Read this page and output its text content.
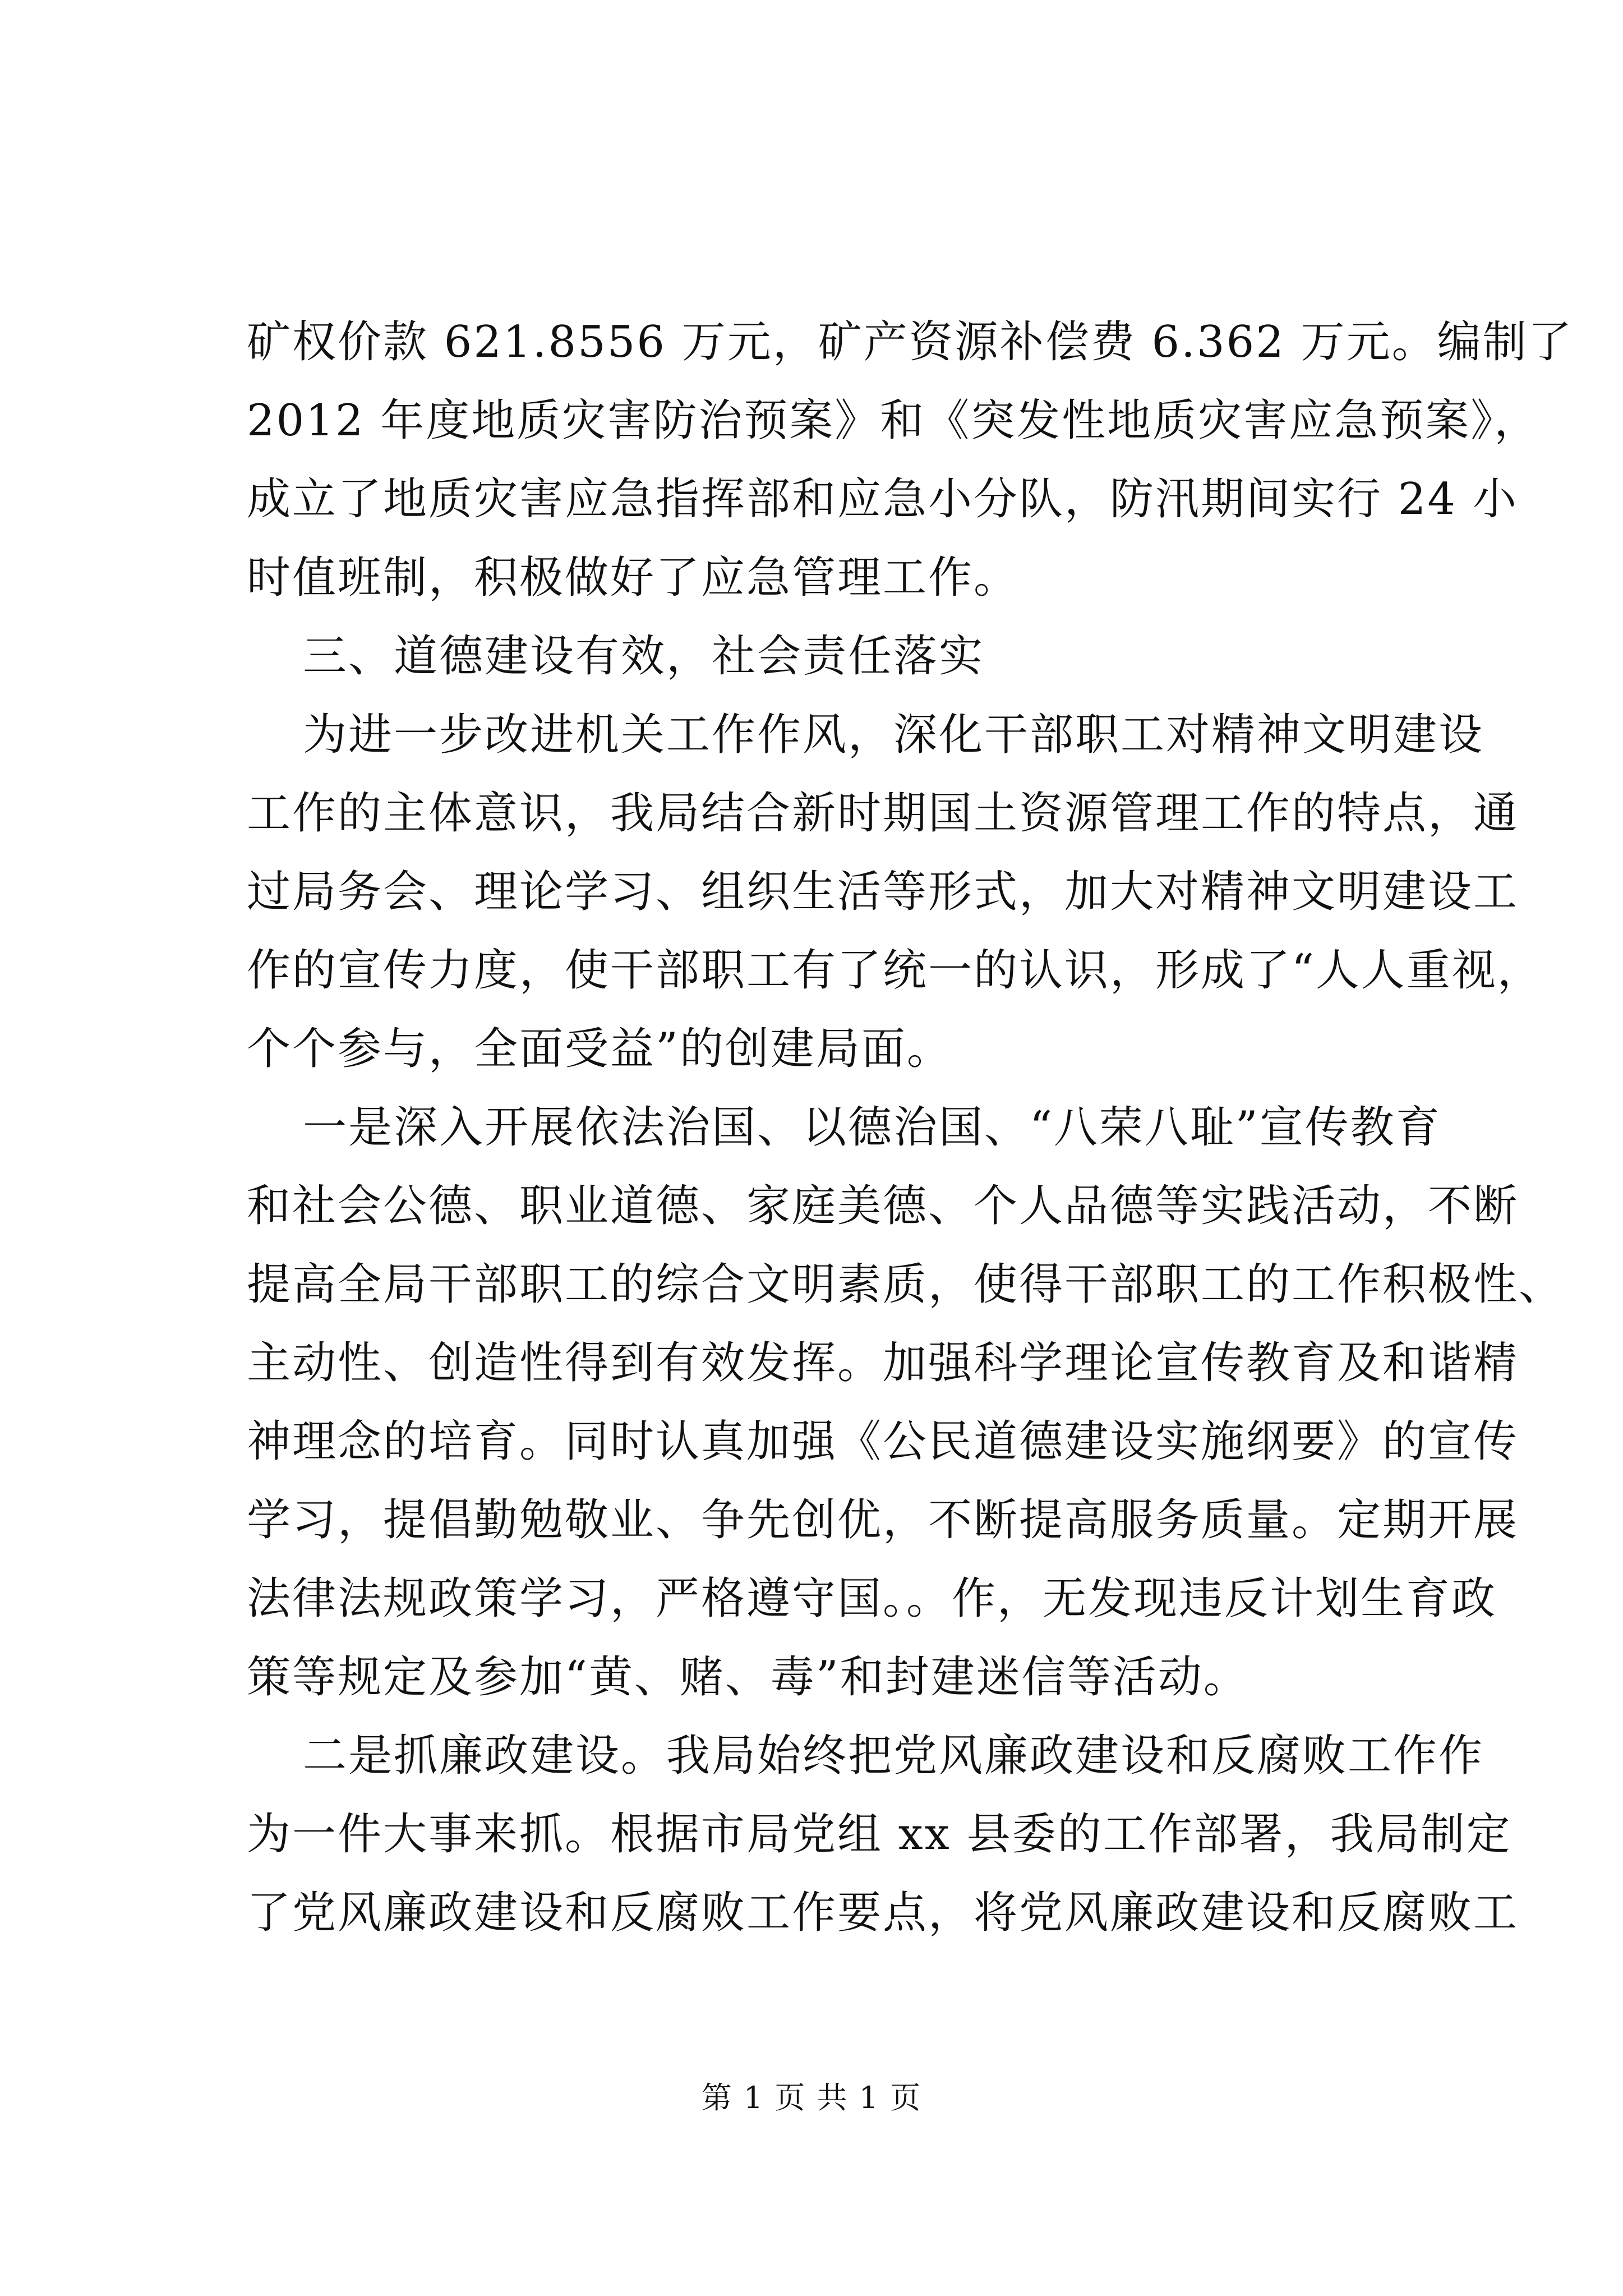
矿权价款 621.8556 万元，矿产资源补偿费 6.362 万元。编制了
2012 年度地质灾害防治预案》和《突发性地质灾害应急预案》，
成立了地质灾害应急指挥部和应急小分队，防汛期间实行 24 小
时值班制，积极做好了应急管理工作。
三、道德建设有效，社会责任落实
为进一步改进机关工作作风，深化干部职工对精神文明建设
工作的主体意识，我局结合新时期国土资源管理工作的特点，通
过局务会、理论学习、组织生活等形式，加大对精神文明建设工
作的宣传力度，使干部职工有了统一的认识，形成了“人人重视，
个个参与，全面受益”的创建局面。
一是深入开展依法治国、以德治国、“八荣八耻”宣传教育
和社会公德、职业道德、家庭美德、个人品德等实践活动，不断
提高全局干部职工的综合文明素质，使得干部职工的工作积极性、
主动性、创造性得到有效发挥。加强科学理论宣传教育及和谐精
神理念的培育。同时认真加强《公民道德建设实施纲要》的宣传
学习，提倡勤勉敬业、争先创优，不断提高服务质量。定期开展
法律法规政策学习，严格遵守国。。作，无发现违反计划生育政
策等规定及参加“黄、赌、毒”和封建迷信等活动。
二是抓廉政建设。我局始终把党风廉政建设和反腐败工作作
为一件大事来抓。根据市局党组 xx 县委的工作部署，我局制定
了党风廉政建设和反腐败工作要点，将党风廉政建设和反腐败工
第 1 页 共 1 页
